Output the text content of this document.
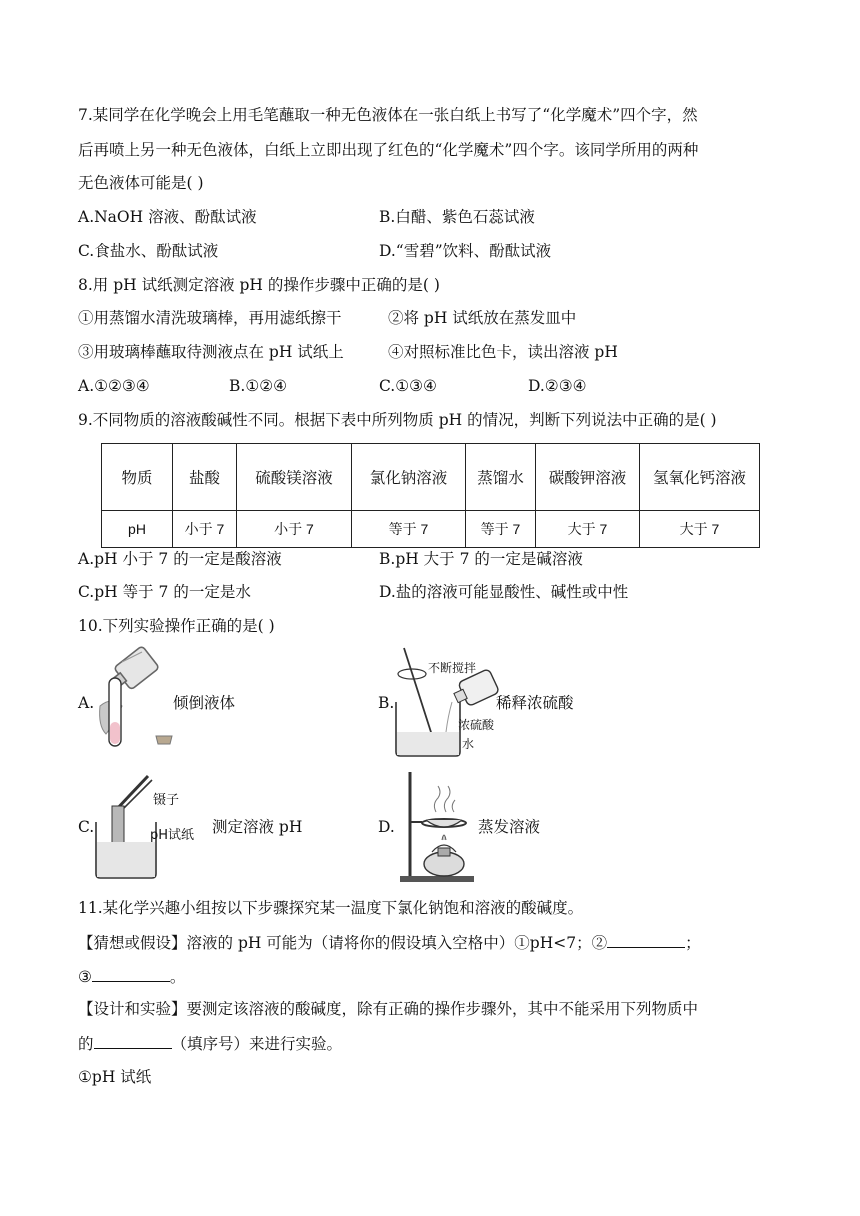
7.某同学在化学晚会上用毛笔蘸取一种无色液体在一张白纸上书写了“化学魔术”四个字，然
后再喷上另一种无色液体，白纸上立即出现了红色的“化学魔术”四个字。该同学所用的两种
无色液体可能是( )
A.NaOH 溶液、酚酞试液	B.白醋、紫色石蕊试液
C.食盐水、酚酞试液	D.“雪碧”饮料、酚酞试液
8.用 pH 试纸测定溶液 pH 的操作步骤中正确的是( )
①用蒸馏水清洗玻璃棒，再用滤纸擦干	②将 pH 试纸放在蒸发皿中
③用玻璃棒蘸取待测液点在 pH 试纸上	④对照标准比色卡，读出溶液 pH
A.①②③④	B.①②④	C.①③④	D.②③④
9.不同物质的溶液酸碱性不同。根据下表中所列物质 pH 的情况，判断下列说法中正确的是( )
物质	盐酸	硫酸镁溶液	氯化钠溶液	蒸馏水	碳酸钾溶液	氢氧化钙溶液
pH	小于 7	小于 7	等于 7	等于 7	大于 7	大于 7
A.pH 小于 7 的一定是酸溶液	B.pH 大于 7 的一定是碱溶液
C.pH 等于 7 的一定是水	D.盐的溶液可能显酸性、碱性或中性
10.下列实验操作正确的是( )
A.	倾倒液体	B.
不断搅拌
浓硫酸
水
稀释浓硫酸
C.
镊子
pH试纸 测定溶液 pH	D.	蒸发溶液
11.某化学兴趣小组按以下步骤探究某一温度下氯化钠饱和溶液的酸碱度。
【猜想或假设】溶液的 pH 可能为（请将你的假设填入空格中）①pH<7；②	；
③	。
【设计和实验】要测定该溶液的酸碱度，除有正确的操作步骤外，其中不能采用下列物质中
的	（填序号）来进行实验。
①pH 试纸
